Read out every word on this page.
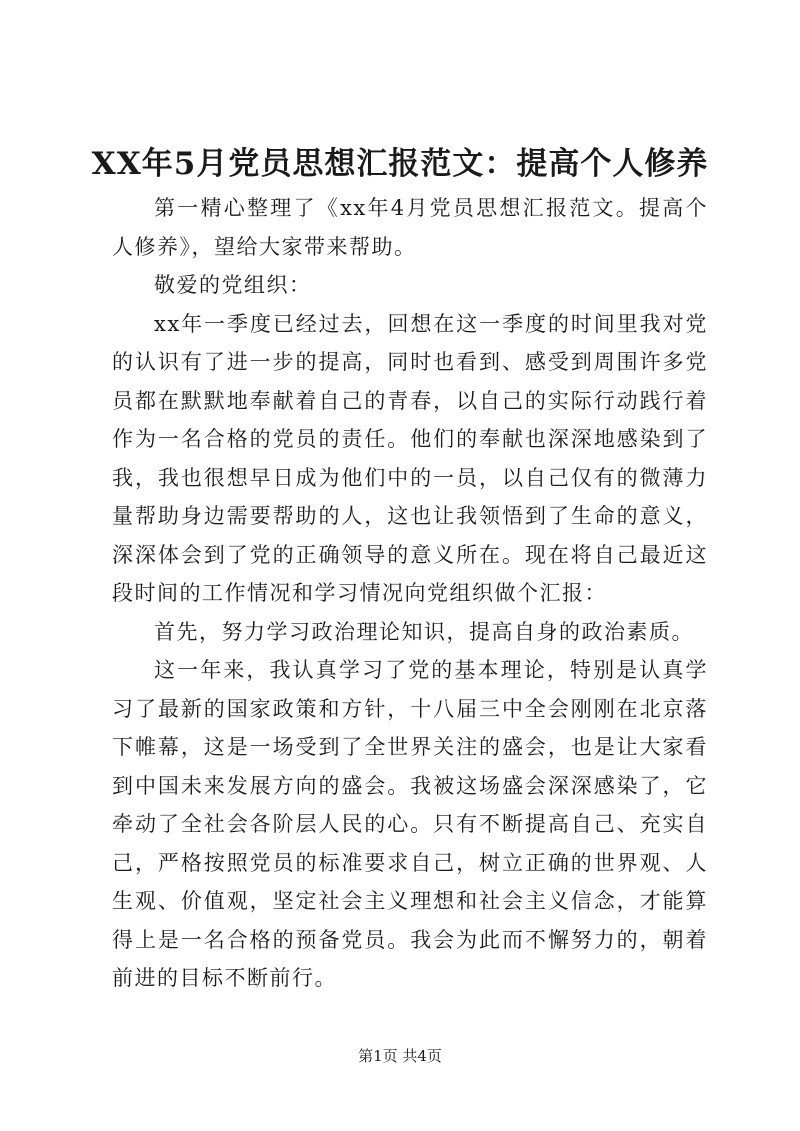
XX年5月党员思想汇报范文：提高个人修养

第一精心整理了《xx年4月党员思想汇报范文。提高个人修养》，望给大家带来帮助。

敬爱的党组织：

xx年一季度已经过去，回想在这一季度的时间里我对党的认识有了进一步的提高，同时也看到、感受到周围许多党员都在默默地奉献着自己的青春，以自己的实际行动践行着作为一名合格的党员的责任。他们的奉献也深深地感染到了我，我也很想早日成为他们中的一员，以自己仅有的微薄力量帮助身边需要帮助的人，这也让我领悟到了生命的意义，深深体会到了党的正确领导的意义所在。现在将自己最近这段时间的工作情况和学习情况向党组织做个汇报：

首先，努力学习政治理论知识，提高自身的政治素质。

这一年来，我认真学习了党的基本理论，特别是认真学习了最新的国家政策和方针，十八届三中全会刚刚在北京落下帷幕，这是一场受到了全世界关注的盛会，也是让大家看到中国未来发展方向的盛会。我被这场盛会深深感染了，它牵动了全社会各阶层人民的心。只有不断提高自己、充实自己，严格按照党员的标准要求自己，树立正确的世界观、人生观、价值观，坚定社会主义理想和社会主义信念，才能算得上是一名合格的预备党员。我会为此而不懈努力的，朝着前进的目标不断前行。

第1页 共4页
